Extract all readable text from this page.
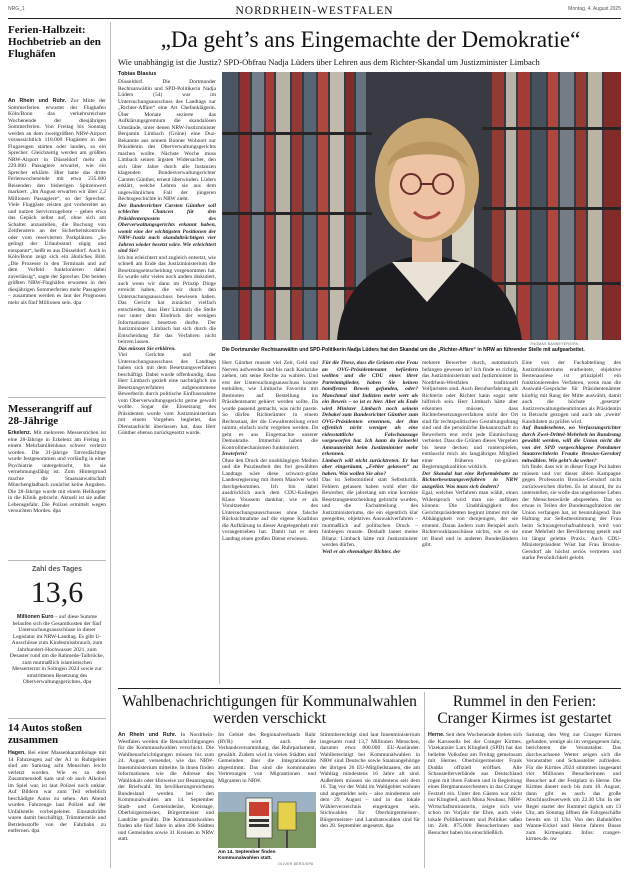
NRG_1	NORDRHEIN-WESTFALEN	Montag, 4. August 2025
Ferien-Halbzeit: Hochbetrieb an den Flughäfen
An Rhein und Ruhr. Zur Mitte der Sommerferien erwartet der Flughafen Köln/Bonn das verkehrsreichste Wochenende der diesjährigen Sommerferien. Von Freitag bis Sonntag werden an dem zweitgrößten NRW-Airport voraussichtlich 118.000 Flugästen in den Flugzeugen starten oder landen, so ein Sprecher. Gleichzeitig werden am größten NRW-Airport in Düsseldorf mehr als 229.000 Passagiere erwartet, wie ein Sprecher erklärte. Hier hatte das dritte Ferienwochenende mit etwa 235.000 Reisenden den bisherigen Spitzenwert markiert. „Im August erwarten wir über 2,2 Millionen Passagiere“, so der Sprecher. Viele Fluggäste reisten gut vorbereitet an und nutzen Servicezugebote – geben etwa das Gepäck selbst auf, ohne sich am Schalter anzustellen, die Buchung von Zeitfenstern an der Sicherheitskontrolle oder vom reservierten Parkplätzen. „So gelingt der Urlaubsstart zügig und entspannt“, heißt es aus Düsseldorf. Auch in Köln/Bonn zeigt sich ein ähnliches Bild. „Die Prozesse in den Terminals und auf dem Vorfeld funktionieren dabei zuverlässig“, sagte der Sprecher. Die beiden größten NRW-Flughäfen erwarten in den diesjährigen Sommerferien mehr Passagiere – zusammen werden es laut der Prognosen mehr als fünf Millionen sein. dpa
Messerangriff auf 28-Jährige
Erkelenz. Mit mehreren Messerstichen ist eine 28-Jährige in Erkelenz am Freitag in einem Mehrfamilienhaus schwer verletzt worden. Die 31-jährige Tatverdächtige wurde festgenommen und vorläufig in einer Psychiatrie untergebracht, bis sie vernehmungsfähig ist. Zum Hintergrund machte die Staatsanwaltschaft Mönchengladbach zunächst keine Angaben. Die 28-Jährige wurde mit einem Helikopter in die Klinik gebracht. Aktuell ist sie außer Lebensgefahr. Die Polizei ermittelt wegen versuchten Mordes. dpa
Zahl des Tages
13,6
Millionen Euro – auf diese Summe belaufen sich die Gesamtkosten der fünf Untersuchungsausschüsse in dieser Legislatur im NRW-Landtag. Es gibt U-Ausschüsse zum Kindesmissbrauch, zum Jahrhundert-Hochwasser 2021, zum Desaster rund um die Rahmede-Talbrücke, zum mutmaßlich islamistischen Messerterror in Solingen 2024 sowie zur umstrittenen Besetzung des Oberverwaltungsgerichtes. dpa
14 Autos stoßen zusammen
Hagen. Bei einer Massenkarambolage mit 14 Fahrzeugen auf der A1 in Ruhrgebiet sind am Samstag acht Menschen leicht verletzt worden. Wie es zu dem Zusammenstoß kam und ob auch Alkohol im Spiel war, ist laut Polizei noch unklar. Auf Bildern war zum Teil erheblich beschädigte Autos zu sehen. Am Abend wurden Fahrzeuge laut Polizei auf der Unfallstelle vorbeigeleitet. Einsatzkräfte waren damit beschäftigt, Trümmerteile und Betriebsstoffe von der Fahrbahn zu entfernen. dpa
„Da geht’s ans Eingemachte der Demokratie“
Wie unabhängig ist die Justiz? SPD-Obfrau Nadja Lüders über Lehren aus dem Richter-Skandal um Justizminister Limbach
Tobias Blasius
THOMAS BANNEYER/DPA
Die Dortmunder Rechtsanwältin und SPD-Politikerin Nadja Lüders hat den Skandal um die „Richter-Affäre“ in NRW an führender Stelle mit aufgearbeitet.

Düsseldorf. Die Dortmunder Rechtsanwältin und SPD-Politikerin Nadja Lüders (54) war im Untersuchungsausschuss des Landtags zur „Richter-Affäre“ eine Art Chefanklägerin. Über Monate sezierte das Aufklärungsgremium die skandalösen Umstände, unter denen NRW-Justizminister Benjamin Limbach (Grüne) eine Duz-Bekannte aus seinem Bonner Wohnort zur Präsidentin des Oberverwaltungsgerichts machen wollte. Nächste Woche muss Limbach seinen ärgsten Widersacher, den sich über Jahre durch alle Instanzen klagenden Bundesverwaltungsrichter Carsten Günther, erneut überwinden. Lüders erklärt, welche Lehren sie aus dem ungewöhnlichen Fall der jüngeren Rechtsgeschichte in NRW zieht.

Der Bundesrichter Carsten Günther soll schlechte Chancen für den Präsidentenposten des Oberverwaltungsgerichts erkannt haben, womit eine der wichtigsten Positionen der NRW-Justiz nach skandalträchtigen vier Jahren wieder besetzt wäre. Wie erleichtert sind Sie?

Ich bin erleichtert und zugleich entsetzt, wie schnell am Ende das Justizministerium die Besetzungsentscheidung vorgenommen hat. Es wurde sehr vieles noch anders diskutiert, auch wenn wir dann im Prinzip Dinge erreicht haben, die wir durch den Untersuchungsausschuss bewiesen haben. Das Gericht hat zunächst vielfach entschieden, dass Herr Limbach die Stelle nur unter dem Eindruck der wenigen Informationen besetzen durfte. Der Justizminister Limbach hat sich durch die Entscheidung für das Verfahren nicht beirren lassen.

Das müssen Sie erklären.

Viel Gerichte und der Untersuchungsausschuss des Landtags haben sich mit dem Besetzungsverfahren beschäftigt. Dabei wurde offenkundig, dass Herr Limbach gezielt eine nachträglich ins Besetzungsverfahren aufgenommene Bewerberin durch politische Einflussnahme vom Oberverwaltungsgericht gerne gewollt wollte. Sogar die Einsetzung des Präsidenten wurde vom Justizministerium mit einem Vorgehen begleitet, das Dienstaufsicht überlassen hat, dass Herr Günther ebenso zurückgesetzt wurde.

Herr Günther musste viel Zeit, Geld und Nerven aufwenden und bis nach Karlsruhe ziehen, um seine Rechte zu wahren. Und erst der Untersuchungsausschuss konnte enthüllen, wie Limbachs Favoritin mit Bestnoten auf Bestellung ins Präsidentenamt gehievt werden sollte. Da wurde passend gemacht, was nicht passte. So dürfen Richterämter in einem Rechtsstaat, der die Gewaltenteilung ernst nimmt, einfach nicht vergeben werden. Da geht es ans Eingemachte unserer Demokratie. Immerhin haben die Kontrollmechanismen funktioniert.

Inwiefern?

Ohne den Druck der unabhängigen Medien und die Puzzlearbeit des frei gewählten Landtags wäre diese schwarz-grüne Landesregierung mit ihrem Manöver wohl durchgekommen. Ich bin dabei ausdrücklich auch dem CDU-Kollegen Klaus Voussem dankbar, wie er als Vorsitzender des Untersuchungsausschusses ohne falsche Rücksichtnahme auf die eigene Koalition die Aufklärung in dieser Angelegenheit mit vorangetrieben hat. Damit hat er dem Landtag einen großen Dienst erwiesen.

Für die These, dass die Grünen eine Frau an OVG-Präsidentenamt befördern wollten und die CDU eines ihrer Parteimitglieder, haben Sie keinen handfesten Beweis gefunden, oder? Manchmal sind Indizien mehr wert als ein Beweis – so ist es hier. Aber als Ende wird Minister Limbach noch seinem Debakel zum Bundesrichter Günther zum OVG-Präsidenten ernennen, der ihm offenlich nicht weniger als eine eidesstattliche Falschaussage vorgeworfen hat. Ich kann da keinerlei Amtsautorität beim Justizminister mehr erkennen.

Limbach will nicht zurücktreten. Er hat aber eingeräumt, „Fehler gelassen“ zu haben. Was wollen Sie also?

Das ist Selbstmitleid statt Selbstkritik. Fehlern gelassen haben wohl eher die Bewerber, die jahrelang um eine korrekte Besetzungsentscheidung gebracht wurden, und die Fachabteilung des Justizministeriums, die ein eigentlich klar geregeltes, objektives Auswahlverfahren – mutmaßlich auf politischen Druck – hinbiegen musste. Deshalb lautet meine Bilanz: Limbach hätte mit Justizminister werden dürfen.

Weil er als ehemaliger Richter, der

mehrere Bewerber durch, automatisch befangen gewesen ist? Ich finde es richtig, das Justizministerium und Justizminister in Nordrhein-Westfalen traditionell Volljuristen sind. Auch Berufserfahrung als Richterin oder Richter kann sogar sehr hilfreich sein. Herr Limbach hätte aber erkennen müssen, dass Richterbesetzungsverfahren nicht der Ort sind für rechtspolitischen Gestaltungsdrang sind und die persönliche Bekanntschaft zu Bewerbern erst recht jede Einmischung verbietet. Dass die Grünen dieses Vergehen bis heute decken und runterspielen, enttäuscht mich als langjähriges Mitglied einer früheren rot-grünen Regierungskoalition wirklich.

Der Skandal hat eine Reformdebatte zu Richterbesetzungsverfahren in NRW ausgelöst. Was muss sich ändern?

Egal, welches Verfahren man wählt, einen Widerspruch wird man nie auflösen können: Die Unabhängigkeit des Gerichtspräsidenten beginnt immer mit der Abhängigkeit von demjenigen, der sie ernennt. Daran ändern zum Beispiel auch Richterwahlausschüsse nichts, wie es sie im Bund und in anderen Bundesländern gibt.

Eine von der Fachabteilung des Justizministeriums erarbeitete, objektive Bestenauslese ist prinzipiell ein funktionierendes Verfahren, wenn man die Auswahl-Gespräche für Präsidentenämter künftig mit Rang der Mitte auswählt, damit auch die höchste ‚gesetzte‘ Justizverwaltungsbeamtinnen als Präsidentin in Betracht gezogen und auch als ‚zweite' Kandidaten zu prüfen wird.

Auf Bundesebene, wo Verfassungsrichter durch Zwei-Drittel-Mehrheit im Bundestag gewählt werden, will die Union nicht die von der SPD vorgeschlagene Potsdamer Staatsrechtlerin Frauke Brosius-Gersdorf mitwählen. Wie geht’s da weiter?

Ich finde, dass wir in dieser Frage Pol halten müssen und vor dieser üblen Kampagne gegen Professorin Brosius-Gersdorf nicht zurückweichen dürfen. Es ist absurd, ihr zu unterstellen, sie wolle das ungeborene Leben der Menschenwürde abspreehen. Das so etwas in Teilen der Bundestagsfraktion der Union verfangen hat, ist beunruhigend. Ihre Haltung zur Selbstbestimmung der Frau beim Schwangerschaftsabbruch wird von einer Mehrheit der Bevölkerung geteilt und ist längst gelebte Praxis. Auch CDU-Ministerpräsident Wüst hat Frau Brosius-Gersdorf als höchst seriös vertreten und starke Persönlichkeit gelobt.

Wahlbenachrichtigungen für Kommunalwahlen werden verschickt
An Rhein und Ruhr. In Nordrhein-Westfalen werden die Benachrichtigungen für die Kommunalwahlen verschickt. Die Wahlbenachrichtigungen müssen bis zum 24. August versendet, wie das NRW-Innenministerium mitteilte. In ihnen finden Informationen wie die Adresse des Wahllokals oder Hinweise zur Beantragung der Briefwahl. Im bevölkerungsreichsten Bundesland werden bei den Kommunalwahlen am 14. September Stadt- und Gemeinderäte, Kreistage, Oberbürgermeister, Bürgermeister und Landräte gewählt. Die Kommunalwahlen finden alle fünf Jahre in allen 396 Städten und Gemeinden sowie 31 Kreisen in NRW statt.
Im Gebiet des Regionalverbands Ruhr (RVR) wird auch die Verbandsversammlung, das Ruhrparlament, gewählt. Zudem wird in vielen Städten und Gemeinden über die Integrationsräte abgestimmt. Das sind die kommunalen Vertretungen von Migrantinnen und Migranten in NRW.
Am 14. September finden Kommunalwahlen statt.
OLIVER BERG/DPA
Stimmberechtigt sind laut Innenministerium insgesamt rund 13,7 Millionen Menschen, darunter etwa 800.000 EU-Ausländer. Wahlberechtigt bei Kommunalwahlen in NRW sind Deutsche sowie Staatsangehörige der übrigen 26 EU-Mitgliedstaaten, die am Wahltag mindestens 16 Jahre alt sind. Außerdem müssen sie mindestens seit dem 16. Tag vor der Wahl im Wahlgebiet wohnen und angemeldet sein – also mindestens seit dem 29. August – und in das lokale Wählerverzeichnis eingetragen sein. Stichwahlen für Oberbürgermeister-, Bürgermeister- und Landratswahlen sind für den 28. September angesetzt. dpa
Rummel in den Ferien: Cranger Kirmes ist gestartet
Herne. Seit dem Wochenende drehen sich die Karussells bei der Cranger Kirmes. Vizekanzler Lars Klingbeil (SPD) hat das beliebte Volksfest am Freitag gemeinsam mit Hernes Oberbürgermeister Frank Dudda offiziell eröffnet. Alle Schaustellerverbände aus Deutschland rogen mit ihren Fahnen und in Begleitung eines Bergmannsorchesters in das Cranger Festzelt ein. Unter den Gästen war nicht nur Klingbeil, auch Mona Neubaur, NRW-Wirtschaftsministerin, zeigte sich wie schon im Vorjahr die Ehre, auch viele lokale Politikerinnen und Politiker saßen im Zelt. 875.000 Besucherinnen und Besucher haben bis einschließlich
Samstag den Weg zur Cranger Kirmes gefunden, wenige als im vergangenen Jahr, berichteten die Veranstalter. Das durchwachsene Wetter zeigen sich die Veranstalter und Schausteller zufrieden. Für die Kirmes 2024 stimmten insgesamt vier Millionen Besucherinnen und Besucher auf der Festplatz in Herne. Die Kirmes dauert noch bis zum 10. August, dann gibt es auch das große Abschlussfeuerwerk um 22.30 Uhr. In der Regel startet der Rummel täglich um 13 Uhr, am Sonntag öffnen die Fahrgeschäfte bereits um 11 Uhr. Von den Bahnhöfen Wanne-Eickel und Herne fahren Busse zum Kirmesplatz. Infos: cranger-kirmes.de. nw
